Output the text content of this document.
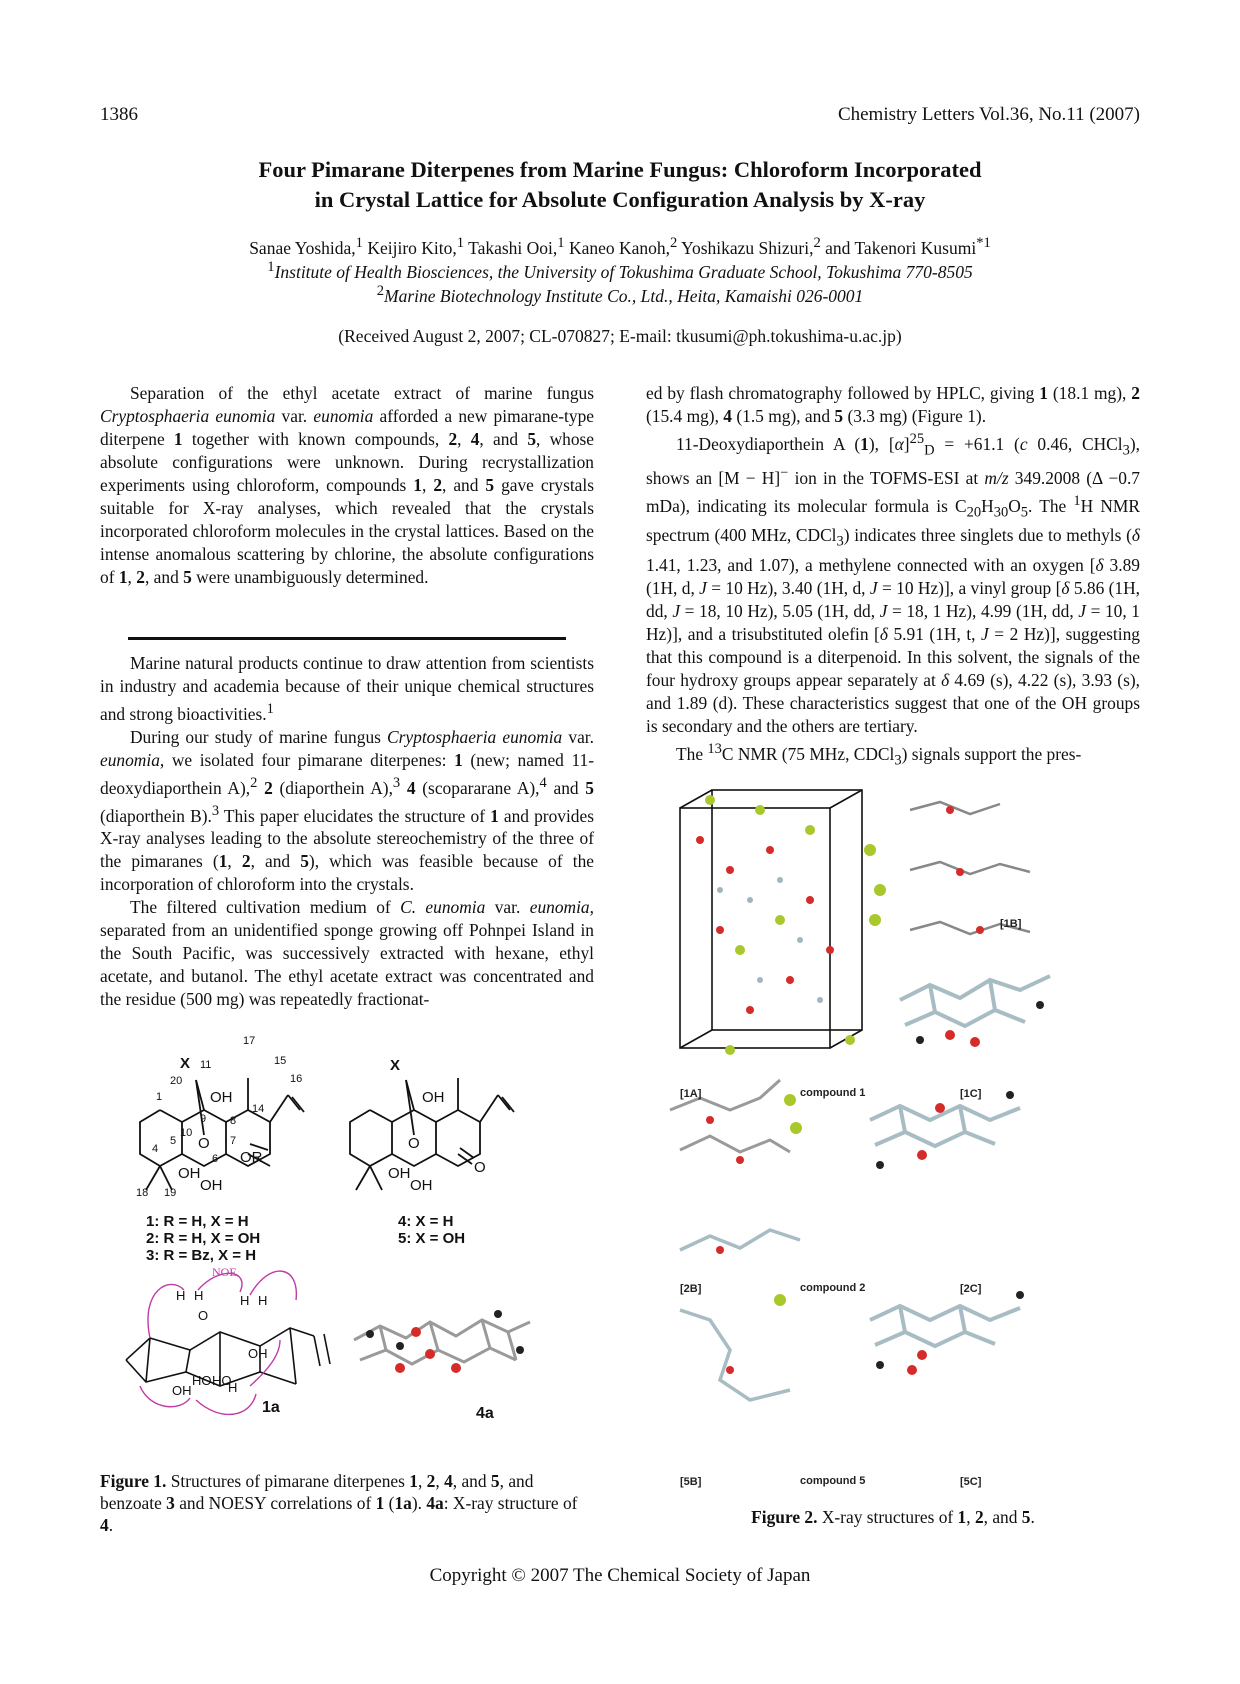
1386	Chemistry Letters Vol.36, No.11 (2007)
Four Pimarane Diterpenes from Marine Fungus: Chloroform Incorporated
in Crystal Lattice for Absolute Configuration Analysis by X-ray
Sanae Yoshida,$^1$ Keijiro Kito,$^1$ Takashi Ooi,$^1$ Kaneo Kanoh,$^2$ Yoshikazu Shizuri,$^2$ and Takenori Kusumi$^{*1}$
$^1$Institute of Health Biosciences, the University of Tokushima Graduate School, Tokushima 770-8505
$^2$Marine Biotechnology Institute Co., Ltd., Heita, Kamaishi 026-0001
(Received August 2, 2007; CL-070827; E-mail: tkusumi@ph.tokushima-u.ac.jp)

Separation of the ethyl acetate extract of marine fungus Cryptosphaeria eunomia var. eunomia afforded a new pimarane-type diterpene 1 together with known compounds, 2, 4, and 5, whose absolute configurations were unknown. During recrystallization experiments using chloroform, compounds 1, 2, and 5 gave crystals suitable for X-ray analyses, which revealed that the crystals incorporated chloroform molecules in the crystal lattices. Based on the intense anomalous scattering by chlorine, the absolute configurations of 1, 2, and 5 were unambiguously determined.

Marine natural products continue to draw attention from scientists in industry and academia because of their unique chemical structures and strong bioactivities.$^1$

During our study of marine fungus Cryptosphaeria eunomia var. eunomia, we isolated four pimarane diterpenes: 1 (new; named 11-deoxydiaporthein A),$^2$ 2 (diaporthein A),$^3$ 4 (scopararane A),$^4$ and 5 (diaporthein B).$^3$ This paper elucidates the structure of 1 and provides X-ray analyses leading to the absolute stereochemistry of the three of the pimaranes (1, 2, and 5), which was feasible because of the incorporation of chloroform into the crystals.

The filtered cultivation medium of C. eunomia var. eunomia, separated from an unidentified sponge growing off Pohnpei Island in the South Pacific, was successively extracted with hexane, ethyl acetate, and butanol. The ethyl acetate extract was concentrated and the residue (500 mg) was repeatedly fractionat-

ed by flash chromatography followed by HPLC, giving 1 (18.1 mg), 2 (15.4 mg), 4 (1.5 mg), and 5 (3.3 mg) (Figure 1).

11-Deoxydiaporthein A (1), $[\alpha]^{25}_D = +61.1$ (c 0.46, CHCl$_3$), shows an [M − H]− ion in the TOFMS-ESI at m/z 349.2008 (Δ −0.7 mDa), indicating its molecular formula is $C_{20}H_{30}O_5$. The $^1$H NMR spectrum (400 MHz, CDCl$_3$) indicates three singlets due to methyls (δ 1.41, 1.23, and 1.07), a methylene connected with an oxygen [δ 3.89 (1H, d, J = 10 Hz), 3.40 (1H, d, J = 10 Hz)], a vinyl group [δ 5.86 (1H, dd, J = 18, 10 Hz), 5.05 (1H, dd, J = 18, 1 Hz), 4.99 (1H, dd, J = 10, 1 Hz)], and a trisubstituted olefin [δ 5.91 (1H, t, J = 2 Hz)], suggesting that this compound is a diterpenoid. In this solvent, the signals of the four hydroxy groups appear separately at δ 4.69 (s), 4.22 (s), 3.93 (s), and 1.89 (d). These characteristics suggest that one of the OH groups is secondary and the others are tertiary.

The $^{13}$C NMR (75 MHz, CDCl$_3$) signals support the pres-

X
OH
O
OR
OH
OH
17
15
16
11
20
1
9
10
14
8
7
5
6
4
18 19
1: R = H, X = H
2: R = H, X = OH
3: R = Bz, X = H
X
OH
O
O
OH
OH
4: X = H
5: X = OH
NOE
H H
O
H H
OH
OH
HO HO
H
1a	4a
Figure 1. Structures of pimarane diterpenes 1, 2, 4, and 5, and benzoate 3 and NOESY correlations of 1 (1a). 4a: X-ray structure of 4.
[1B]
[1A]	compound 1	[1C]
[2B]	compound 2	[2C]
[5B]	compound 5	[5C]
Figure 2. X-ray structures of 1, 2, and 5.
Copyright © 2007 The Chemical Society of Japan
